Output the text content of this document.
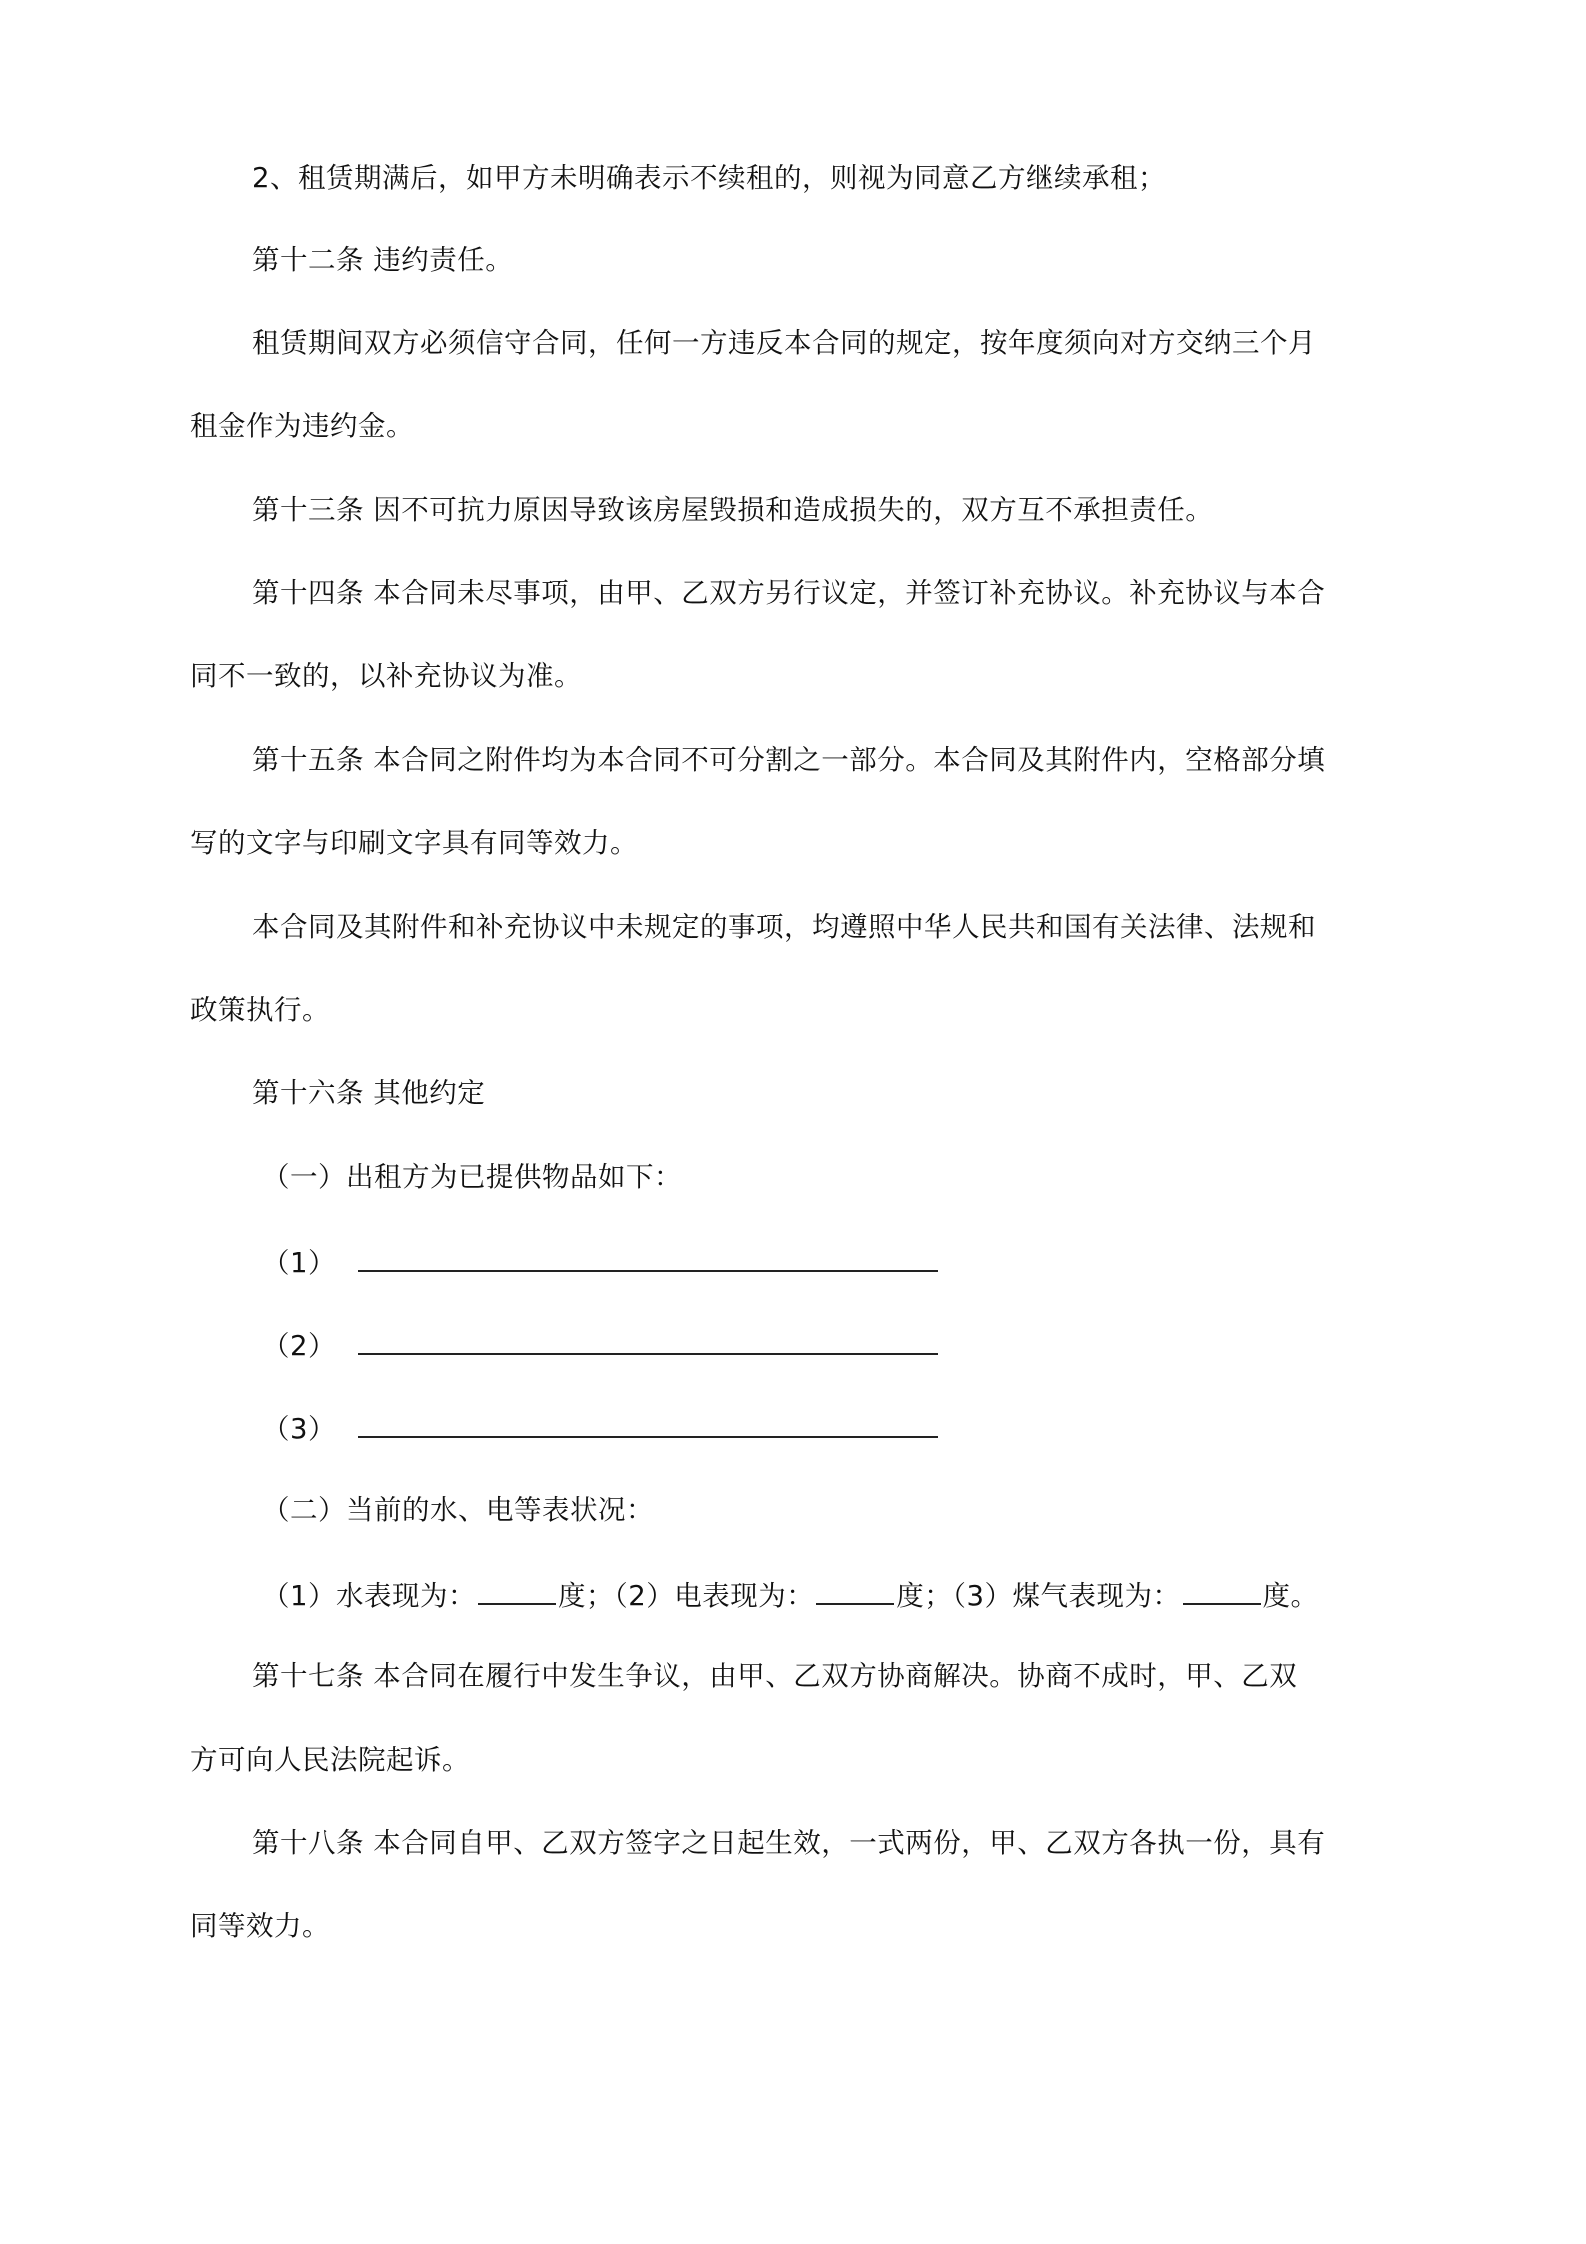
2、租赁期满后，如甲方未明确表示不续租的，则视为同意乙方继续承租；
第十二条 违约责任。
租赁期间双方必须信守合同，任何一方违反本合同的规定，按年度须向对方交纳三个月
租金作为违约金。
第十三条 因不可抗力原因导致该房屋毁损和造成损失的，双方互不承担责任。
第十四条 本合同未尽事项，由甲、乙双方另行议定，并签订补充协议。补充协议与本合
同不一致的，以补充协议为准。
第十五条 本合同之附件均为本合同不可分割之一部分。本合同及其附件内，空格部分填
写的文字与印刷文字具有同等效力。
本合同及其附件和补充协议中未规定的事项，均遵照中华人民共和国有关法律、法规和
政策执行。
第十六条 其他约定
（一）出租方为已提供物品如下：
（1）
（2）
（3）
（二）当前的水、电等表状况：
（1）水表现为：	度；（2）电表现为：	度；（3）煤气表现为：	度。
第十七条 本合同在履行中发生争议，由甲、乙双方协商解决。协商不成时，甲、乙双
方可向人民法院起诉。
第十八条 本合同自甲、乙双方签字之日起生效，一式两份，甲、乙双方各执一份，具有
同等效力。
